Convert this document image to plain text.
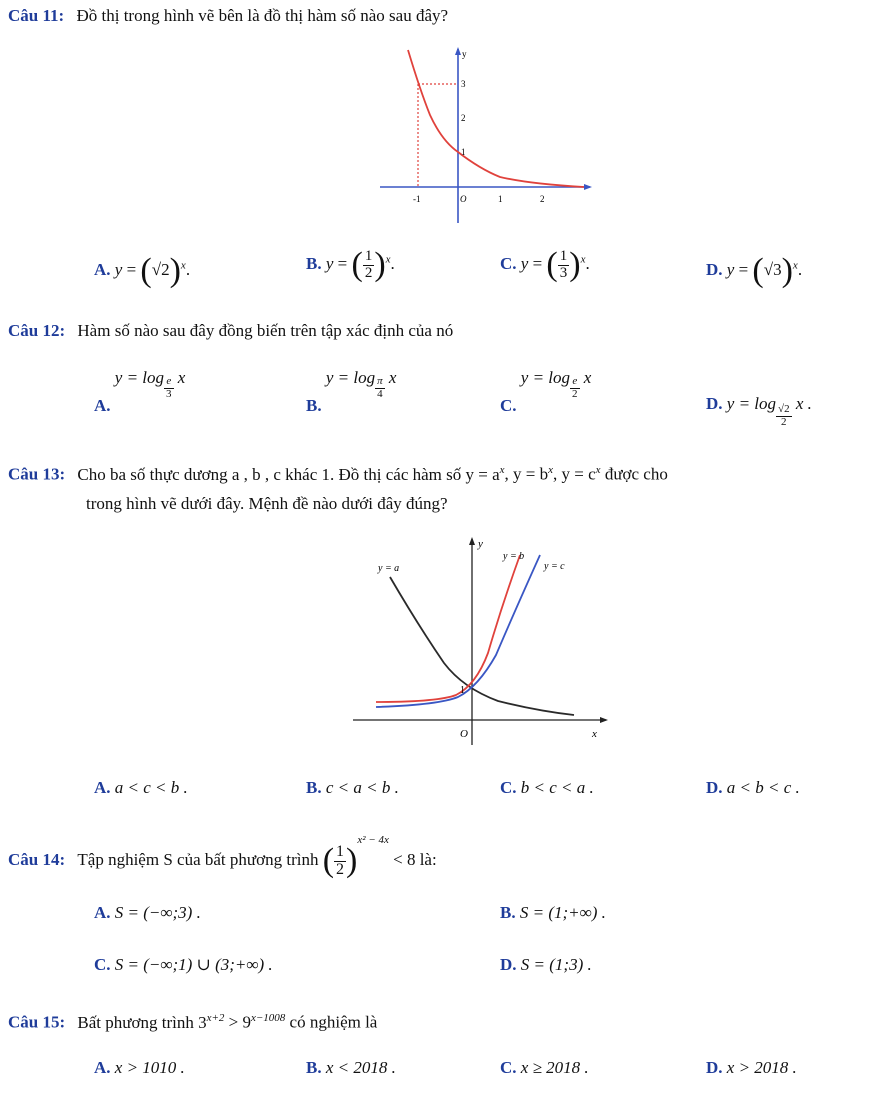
Câu 11: Đồ thị trong hình vẽ bên là đồ thị hàm số nào sau đây?
y
3
2
1
-1	O	1	2
A. $y = (√2)^x$.	B. y = ( $\frac{1}{2} )^x$.	C. y = ( $\frac{1}{3} )^x$.	D. $y = (√3)^x$.
Câu 12: Hàm số nào sau đây đồng biến trên tập xác định của nó
A. $y = \log \frac{e}{3}$ x
B. $y = \log \frac{\pi}{4}$ x
C. $y = \log \frac{e}{2}$ x
D. y = log
$\frac{√2}{2}$
x .
Câu 13: Cho ba số thực dương a , b , c khác 1. Đồ thị các hàm số $y = a^x$, $y = b^x$, $y = c^x$ được cho
trong hình vẽ dưới đây. Mệnh đề nào dưới đây đúng?
y
y = a
y = b
y = c
1
O	x
A. a < c < b .	B. c < a < b .	C. b < c < a .	D. a < b < c .
Câu 14: Tập nghiệm S của bất phương trình ( $\frac{1}{2} )^{x^2 - 4x} < 8$ là:
A. S = (−∞;3) .	B. S = (1;+∞) .
C. S = (−∞;1) ∪ (3;+∞) .	D. S = (1;3) .
Câu 15: Bất phương trình $3^{x+2} > 9^{x-1008}$ có nghiệm là
A. x > 1010 .	B. x < 2018 .	C. x ≥ 2018 .	D. x > 2018 .
